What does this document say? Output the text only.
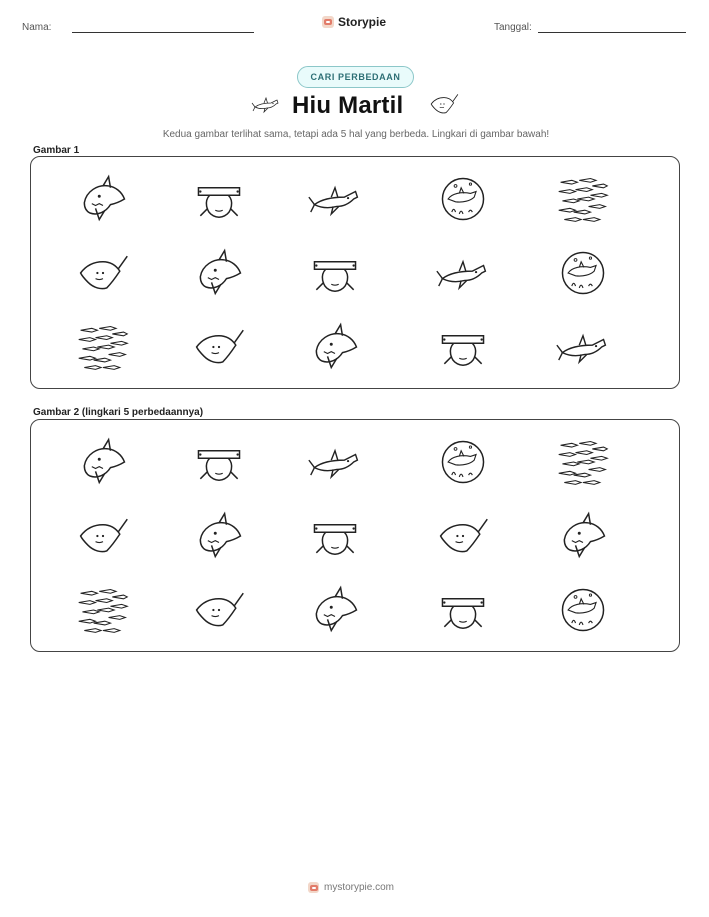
Nama:	Storypie	Tanggal:
CARI PERBEDAAN
Hiu Martil
Kedua gambar terlihat sama, tetapi ada 5 hal yang berbeda. Lingkari di gambar bawah!
Gambar 1
Gambar 2 (lingkari 5 perbedaannya)
mystorypie.com
